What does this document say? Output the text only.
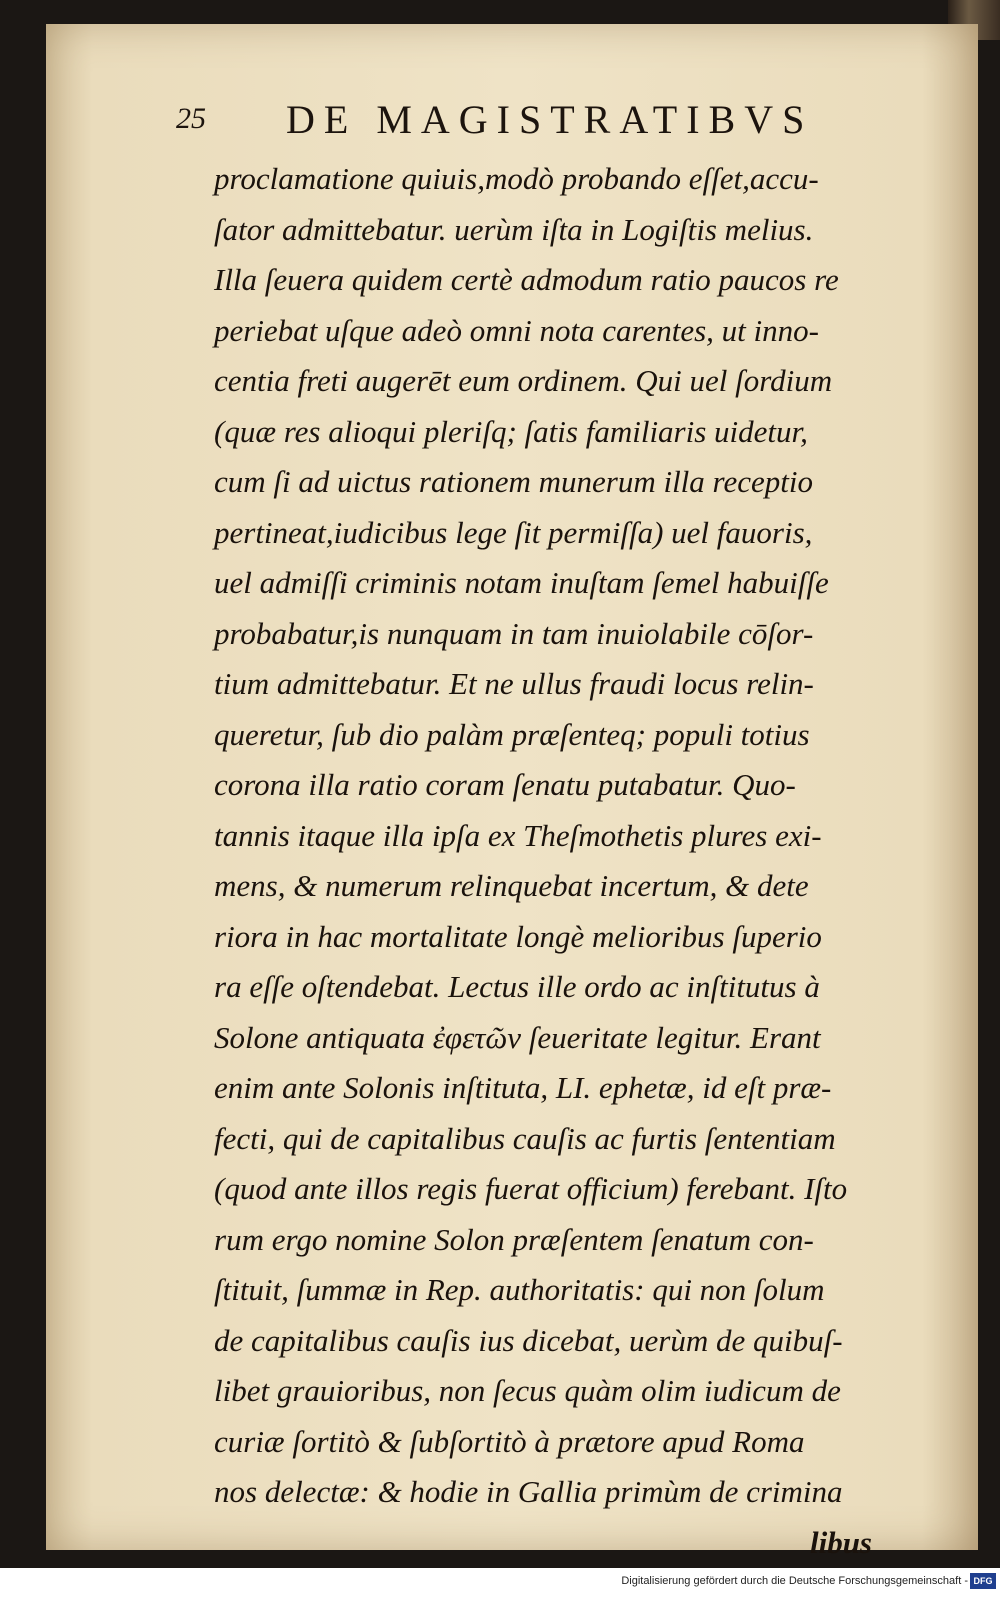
25 DE MAGISTRATIBVS
proclamatione quiuis,modò probando eſſet,accu-
ſator admittebatur. uerùm iſta in Logiſtis melius.
Illa ſeuera quidem certè admodum ratio paucos re
periebat uſque adeò omni nota carentes, ut inno-
centia freti augerēt eum ordinem. Qui uel ſordium
(quæ res alioqui pleriſq; ſatis familiaris uidetur,
cum ſi ad uictus rationem munerum illa receptio
pertineat,iudicibus lege ſit permiſſa) uel fauoris,
uel admiſſi criminis notam inuſtam ſemel habuiſſe
probabatur,is nunquam in tam inuiolabile cōſor-
tium admittebatur. Et ne ullus fraudi locus relin-
queretur, ſub dio palàm præſenteq; populi totius
corona illa ratio coram ſenatu putabatur. Quo-
tannis itaque illa ipſa ex Theſmothetis plures exi-
mens, & numerum relinquebat incertum, & dete
riora in hac mortalitate longè melioribus ſuperio
ra eſſe oſtendebat. Lectus ille ordo ac inſtitutus à
Solone antiquata ἐφετῶν ſeueritate legitur. Erant
enim ante Solonis inſtituta, LI. ephetæ, id eſt præ-
fecti, qui de capitalibus cauſis ac furtis ſententiam
(quod ante illos regis fuerat officium) ferebant. Iſto
rum ergo nomine Solon præſentem ſenatum con-
ſtituit, ſummæ in Rep. authoritatis: qui non ſolum
de capitalibus cauſis ius dicebat, uerùm de quibuſ-
libet grauioribus, non ſecus quàm olim iudicum de
curiæ ſortitò & ſubſortitò à prætore apud Roma
nos delectæ: & hodie in Gallia primùm de crimina
libus
Digitalisierung gefördert durch die Deutsche Forschungsgemeinschaft - DFG
